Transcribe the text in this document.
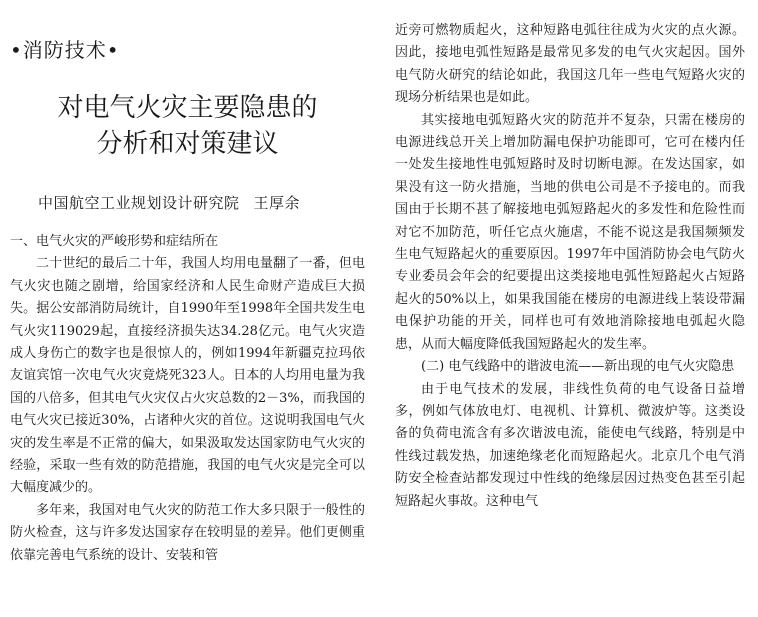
•消防技术•
对电气火灾主要隐患的
分析和对策建议
中国航空工业规划设计研究院 王厚余

一、电气火灾的严峻形势和症结所在

二十世纪的最后二十年，我国人均用电量翻了一番，但电气火灾也随之剧增，给国家经济和人民生命财产造成巨大损失。据公安部消防局统计，自1990年至1998年全国共发生电气火灾119029起，直接经济损失达34.28亿元。电气火灾造成人身伤亡的数字也是很惊人的，例如1994年新疆克拉玛依友谊宾馆一次电气火灾竟烧死323人。日本的人均用电量为我国的八倍多，但其电气火灾仅占火灾总数的2－3%，而我国的电气火灾已接近30%，占诸种火灾的首位。这说明我国电气火灾的发生率是不正常的偏大，如果汲取发达国家防电气火灾的经验，采取一些有效的防范措施，我国的电气火灾是完全可以大幅度减少的。

多年来，我国对电气火灾的防范工作大多只限于一般性的防火检查，这与许多发达国家存在较明显的差异。他们更侧重依靠完善电气系统的设计、安装和管

近旁可燃物质起火，这种短路电弧往往成为火灾的点火源。因此，接地电弧性短路是最常见多发的电气火灾起因。国外电气防火研究的结论如此，我国这几年一些电气短路火灾的现场分析结果也是如此。

其实接地电弧短路火灾的防范并不复杂，只需在楼房的电源进线总开关上增加防漏电保护功能即可，它可在楼内任一处发生接地性电弧短路时及时切断电源。在发达国家，如果没有这一防火措施，当地的供电公司是不予接电的。而我国由于长期不甚了解接地电弧短路起火的多发性和危险性而对它不加防范，听任它点火施虐，不能不说这是我国频频发生电气短路起火的重要原因。1997年中国消防协会电气防火专业委员会年会的纪要提出这类接地电弧性短路起火占短路起火的50%以上，如果我国能在楼房的电源进线上装设带漏电保护功能的开关，同样也可有效地消除接地电弧起火隐患，从而大幅度降低我国短路起火的发生率。

(二) 电气线路中的谐波电流——新出现的电气火灾隐患

由于电气技术的发展，非线性负荷的电气设备日益增多，例如气体放电灯、电视机、计算机、微波炉等。这类设备的负荷电流含有多次谐波电流，能使电气线路，特别是中性线过载发热，加速绝缘老化而短路起火。北京几个电气消防安全检查站都发现过中性线的绝缘层因过热变色甚至引起短路起火事故。这种电气
